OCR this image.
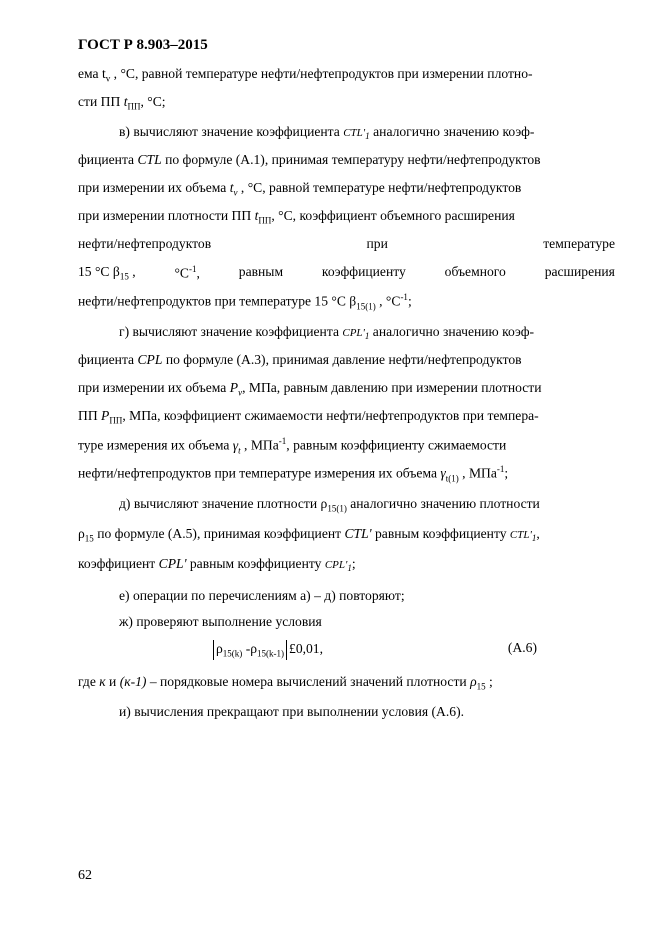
ГОСТ Р 8.903–2015
ема $t_v$ , °С, равной температуре нефти/нефтепродуктов при измерении плотно-
сти ПП $t_{ПП}$, °С;
в) вычисляют значение коэффициента $CTL'_1$ аналогично значению коэф-
фициента CTL по формуле (А.1), принимая температуру нефти/нефтепродуктов
при измерении их объема $t_v$ , °С, равной температуре нефти/нефтепродуктов
при измерении плотности ПП $t_{ПП}$, °С, коэффициент объемного расширения
нефти/нефтепродуктов	при	температуре
15 °С $\beta_{15}$ ,	$^\circ С^{-1}$,	равным	коэффициенту	объемного	расширения
нефти/нефтепродуктов при температуре 15 °С $\beta_{15(1)}$ , $^\circ С^{-1}$;
г) вычисляют значение коэффициента $CPL'_1$ аналогично значению коэф-
фициента CPL по формуле (А.3), принимая давление нефти/нефтепродуктов
при измерении их объема $P_v$, МПа, равным давлению при измерении плотности
ПП $P_{ПП}$, МПа, коэффициент сжимаемости нефти/нефтепродуктов при темпера-
туре измерения их объема $\gamma_t$ , МПа$^{-1}$, равным коэффициенту сжимаемости
нефти/нефтепродуктов при температуре измерения их объема $\gamma_{t(1)}$ , МПа$^{-1}$;
д) вычисляют значение плотности $\rho_{15(1)}$ аналогично значению плотности
$\rho_{15}$ по формуле (А.5), принимая коэффициент CTL' равным коэффициенту $CTL'_1$,
коэффициент CPL' равным коэффициенту $CPL'_1$;
е) операции по перечислениям а) – д) повторяют;
ж) проверяют выполнение условия
$\rho_{15(k)}$ $-\rho_{15(k-1)}$ £0,01,	(А.6)
где к и (к-1) – порядковые номера вычислений значений плотности $\rho_{15}$ ;
и) вычисления прекращают при выполнении условия (А.6).
62
